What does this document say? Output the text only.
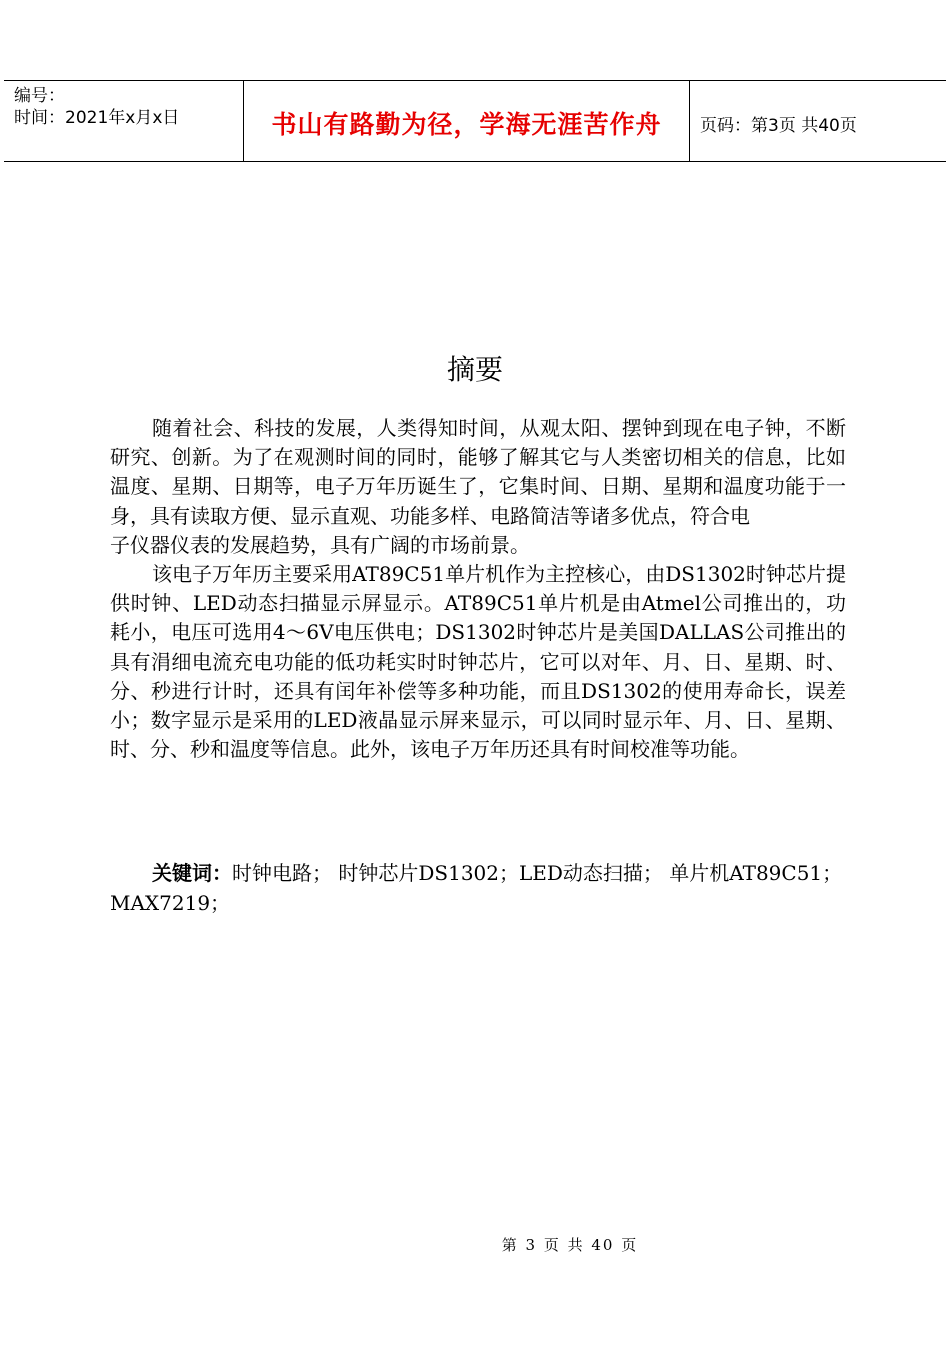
编号：
时间：2021年x月x日	书山有路勤为径，学海无涯苦作舟 页码：第3页 共40页
摘要

随着社会、科技的发展，人类得知时间，从观太阳、摆钟到现在电子钟，不断研究、创新。为了在观测时间的同时，能够了解其它与人类密切相关的信息，比如温度、星期、日期等，电子万年历诞生了，它集时间、日期、星期和温度功能于一身，具有读取方便、显示直观、功能多样、电路简洁等诸多优点，符合电

子仪器仪表的发展趋势，具有广阔的市场前景。

该电子万年历主要采用AT89C51单片机作为主控核心，由DS1302时钟芯片提供时钟、LED动态扫描显示屏显示。AT89C51单片机是由Atmel公司推出的，功耗小，电压可选用4～6V电压供电；DS1302时钟芯片是美国DALLAS公司推出的具有涓细电流充电功能的低功耗实时时钟芯片，它可以对年、月、日、星期、时、分、秒进行计时，还具有闰年补偿等多种功能，而且DS1302的使用寿命长，误差小；数字显示是采用的LED液晶显示屏来显示，可以同时显示年、月、日、星期、时、分、秒和温度等信息。此外，该电子万年历还具有时间校准等功能。

关键词：时钟电路； 时钟芯片DS1302；LED动态扫描； 单片机AT89C51；MAX7219；
第 3 页 共 40 页
